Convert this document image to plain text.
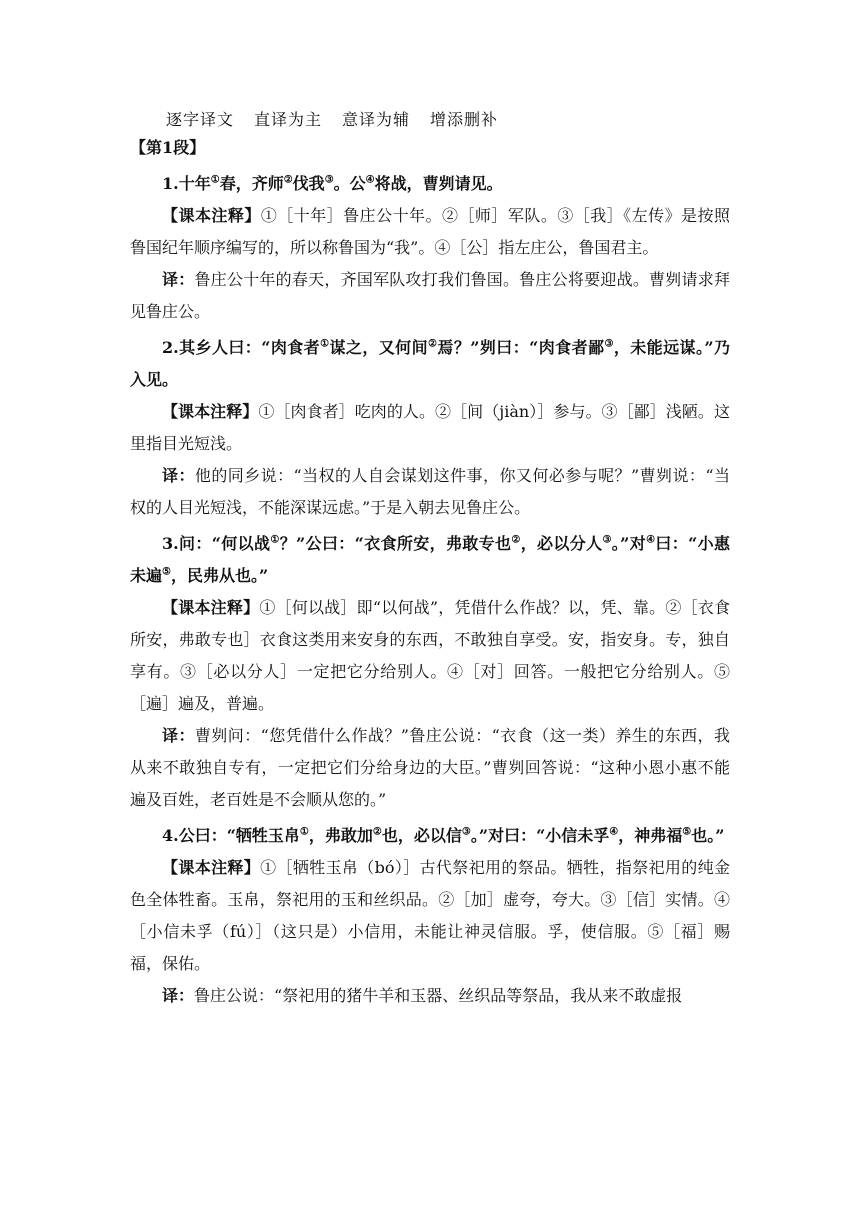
逐字译文 直译为主 意译为辅 增添删补

【第1段】

1.十年①春，齐师②伐我③。公④将战，曹刿请见。

【课本注释】①［十年］鲁庄公十年。②［师］军队。③［我］《左传》是按照鲁国纪年顺序编写的，所以称鲁国为“我”。④［公］指左庄公，鲁国君主。

译：鲁庄公十年的春天，齐国军队攻打我们鲁国。鲁庄公将要迎战。曹刿请求拜见鲁庄公。

2.其乡人曰：“肉食者①谋之，又何间②焉？”刿曰：“肉食者鄙③，未能远谋。”乃入见。

【课本注释】①［肉食者］吃肉的人。②［间（jiàn）］参与。③［鄙］浅陋。这里指目光短浅。

译：他的同乡说：“当权的人自会谋划这件事，你又何必参与呢？”曹刿说：“当权的人目光短浅，不能深谋远虑。”于是入朝去见鲁庄公。

3.问：“何以战①？”公曰：“衣食所安，弗敢专也②，必以分人③。”对④曰：“小惠未遍⑤，民弗从也。”

【课本注释】①［何以战］即“以何战”，凭借什么作战？以，凭、靠。②［衣食所安，弗敢专也］衣食这类用来安身的东西，不敢独自享受。安，指安身。专，独自享有。③［必以分人］一定把它分给别人。④［对］回答。一般把它分给别人。⑤［遍］遍及，普遍。

译：曹刿问：“您凭借什么作战？”鲁庄公说：“衣食（这一类）养生的东西，我从来不敢独自专有，一定把它们分给身边的大臣。”曹刿回答说：“这种小恩小惠不能遍及百姓，老百姓是不会顺从您的。”

4.公曰：“牺牲玉帛①，弗敢加②也，必以信③。”对曰：“小信未孚④，神弗福⑤也。”

【课本注释】①［牺牲玉帛（bó）］古代祭祀用的祭品。牺牲，指祭祀用的纯金色全体牲畜。玉帛，祭祀用的玉和丝织品。②［加］虚夸，夸大。③［信］实情。④［小信未孚（fú）］（这只是）小信用，未能让神灵信服。孚，使信服。⑤［福］赐福，保佑。

译：鲁庄公说：“祭祀用的猪牛羊和玉器、丝织品等祭品，我从来不敢虚报
